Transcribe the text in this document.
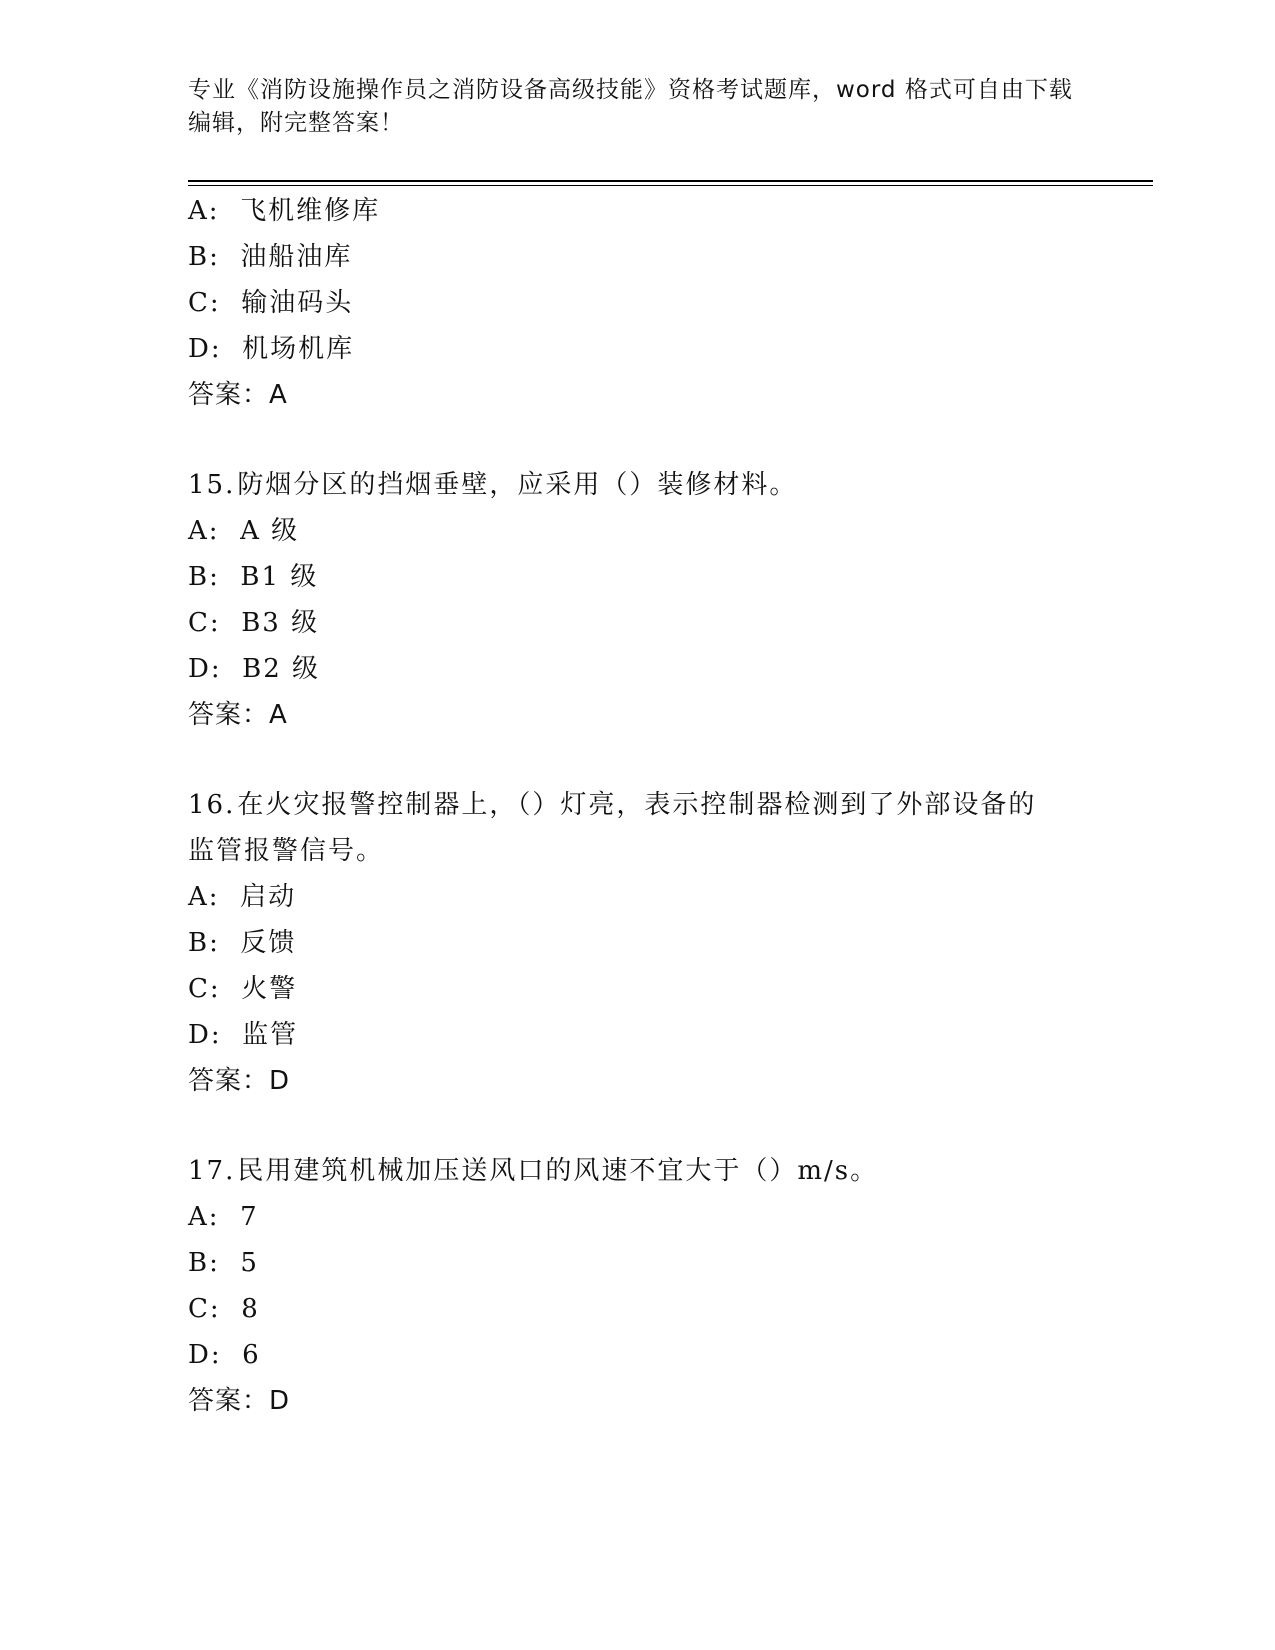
专业《消防设施操作员之消防设备高级技能》资格考试题库，word 格式可自由下载编辑，附完整答案！
A:  飞机维修库
B:  油船油库
C:  输油码头
D:  机场机库
答案：A
15.防烟分区的挡烟垂壁，应采用（）装修材料。
A:  A 级
B:  B1 级
C:  B3 级
D:  B2 级
答案：A
16.在火灾报警控制器上，（）灯亮，表示控制器检测到了外部设备的监管报警信号。
A:  启动
B:  反馈
C:  火警
D:  监管
答案：D
17.民用建筑机械加压送风口的风速不宜大于（）m/s。
A:  7
B:  5
C:  8
D:  6
答案：D
